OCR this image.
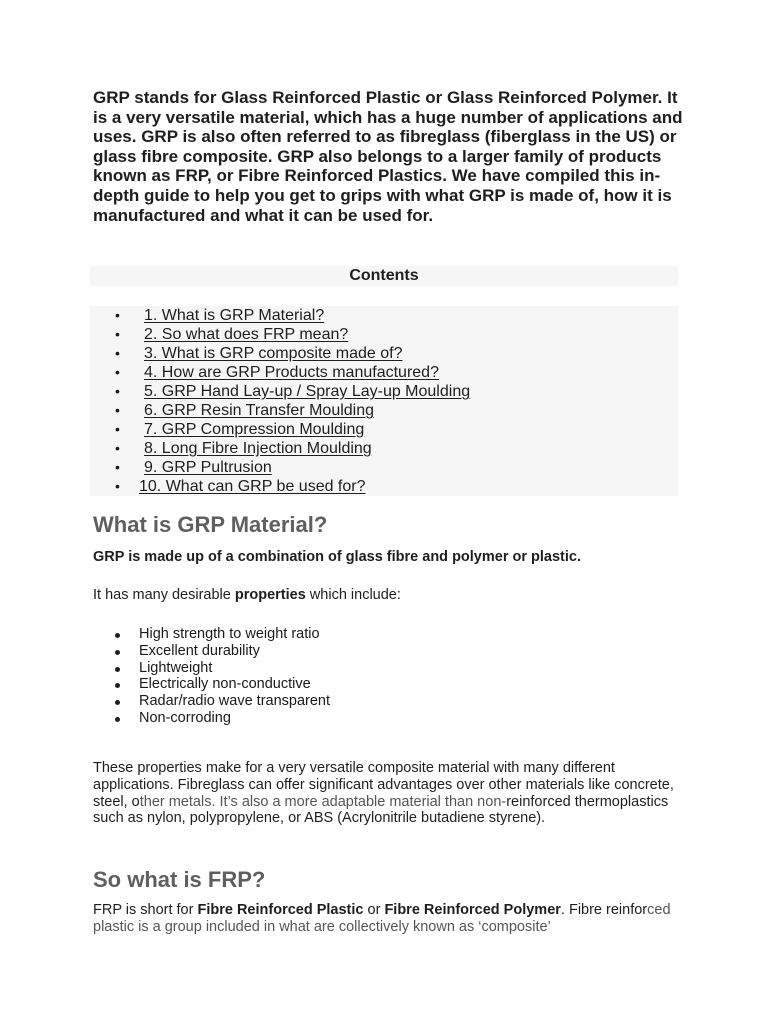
GRP stands for Glass Reinforced Plastic or Glass Reinforced Polymer. It is a very versatile material, which has a huge number of applications and uses. GRP is also often referred to as fibreglass (fiberglass in the US) or glass fibre composite. GRP also belongs to a larger family of products known as FRP, or Fibre Reinforced Plastics. We have compiled this in-depth guide to help you get to grips with what GRP is made of, how it is manufactured and what it can be used for.
Contents
• 1. What is GRP Material?
• 2. So what does FRP mean?
• 3. What is GRP composite made of?
• 4. How are GRP Products manufactured?
• 5. GRP Hand Lay-up / Spray Lay-up Moulding
• 6. GRP Resin Transfer Moulding
• 7. GRP Compression Moulding
• 8. Long Fibre Injection Moulding
• 9. GRP Pultrusion
• 10. What can GRP be used for?
What is GRP Material?

GRP is made up of a combination of glass fibre and polymer or plastic.

It has many desirable properties which include:

High strength to weight ratio
Excellent durability
Lightweight
Electrically non-conductive
Radar/radio wave transparent
Non-corroding

These properties make for a very versatile composite material with many different applications. Fibreglass can offer significant advantages over other materials like concrete, steel, other metals. It’s also a more adaptable material than non-reinforced thermoplastics such as nylon, polypropylene, or ABS (Acrylonitrile butadiene styrene).

So what is FRP?

FRP is short for Fibre Reinforced Plastic or Fibre Reinforced Polymer. Fibre reinforced plastic is a group included in what are collectively known as ‘composite’
